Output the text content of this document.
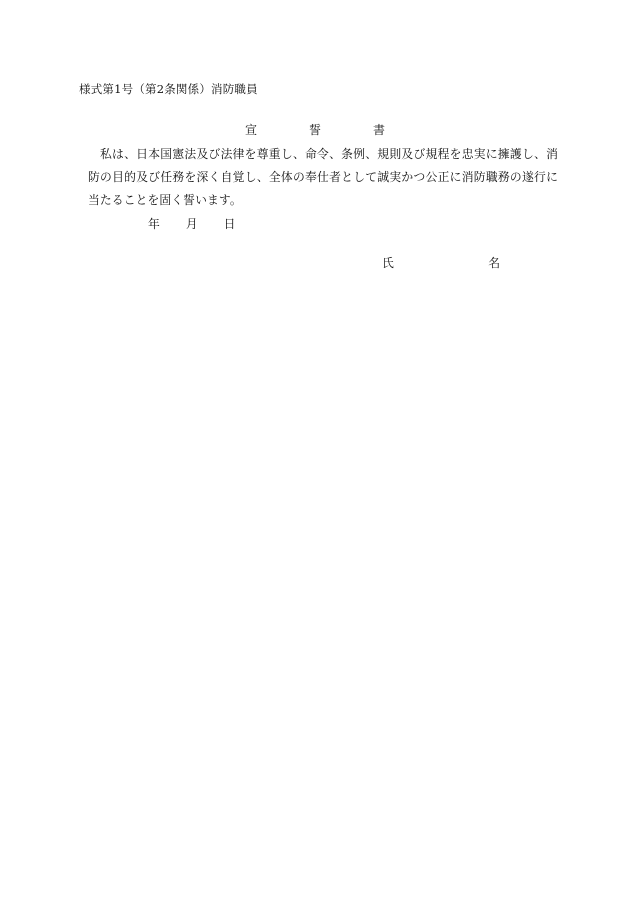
様式第1号（第2条関係）消防職員
宣	誓	書

私は、日本国憲法及び法律を尊重し、命令、条例、規則及び規程を忠実に擁護し、消防の目的及び任務を深く自覚し、全体の奉仕者として誠実かつ公正に消防職務の遂行に当たることを固く誓います。

年 月 日
氏	名
